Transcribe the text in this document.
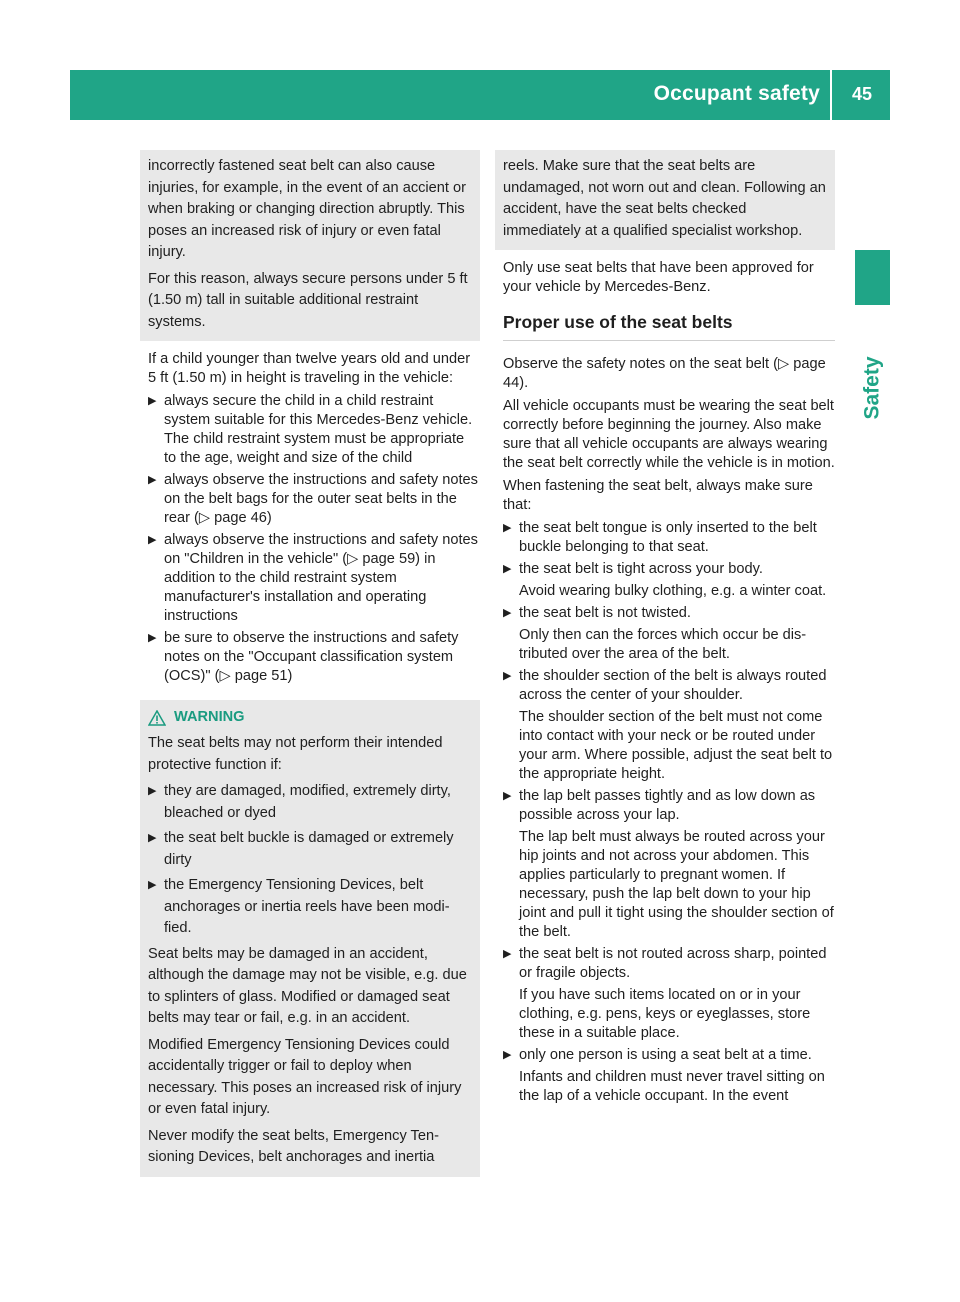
Occupant safety 45
Safety

incorrectly fastened seat belt can also cause injuries, for example, in the event of an accient or when braking or changing direction abruptly. This poses an increased risk of injury or even fatal injury.

For this reason, always secure persons under 5 ft (1.50 m) tall in suitable additional restraint systems.

If a child younger than twelve years old and under 5 ft (1.50 m) in height is traveling in the vehicle:

▶ always secure the child in a child restraint system suitable for this Mercedes-Benz vehicle. The child restraint system must be appropriate to the age, weight and size of the child
▶ always observe the instructions and safety notes on the belt bags for the outer seat belts in the rear (▷ page 46)
▶ always observe the instructions and safety notes on "Children in the vehicle" (▷ page 59) in addition to the child restraint system manufacturer's installation and operating instructions
▶ be sure to observe the instructions and safety notes on the "Occupant classification system (OCS)" (▷ page 51)
WARNING

The seat belts may not perform their intended protective function if:

▶ they are damaged, modified, extremely dirty, bleached or dyed
▶ the seat belt buckle is damaged or extremely dirty
▶ the Emergency Tensioning Devices, belt anchorages or inertia reels have been modified.

Seat belts may be damaged in an accident, although the damage may not be visible, e.g. due to splinters of glass. Modified or damaged seat belts may tear or fail, e.g. in an accident.

Modified Emergency Tensioning Devices could accidentally trigger or fail to deploy when necessary. This poses an increased risk of injury or even fatal injury.

Never modify the seat belts, Emergency Tensioning Devices, belt anchorages and inertia

reels. Make sure that the seat belts are undamaged, not worn out and clean. Following an accident, have the seat belts checked immediately at a qualified specialist workshop.

Only use seat belts that have been approved for your vehicle by Mercedes-Benz.

Proper use of the seat belts

Observe the safety notes on the seat belt (▷ page 44).

All vehicle occupants must be wearing the seat belt correctly before beginning the journey. Also make sure that all vehicle occupants are always wearing the seat belt correctly while the vehicle is in motion.

When fastening the seat belt, always make sure that:

▶ the seat belt tongue is only inserted to the belt buckle belonging to that seat.
▶ the seat belt is tight across your body.
Avoid wearing bulky clothing, e.g. a winter coat.
▶ the seat belt is not twisted.
Only then can the forces which occur be distributed over the area of the belt.
▶ the shoulder section of the belt is always routed across the center of your shoulder.
The shoulder section of the belt must not come into contact with your neck or be routed under your arm. Where possible, adjust the seat belt to the appropriate height.
▶ the lap belt passes tightly and as low down as possible across your lap.
The lap belt must always be routed across your hip joints and not across your abdomen. This applies particularly to pregnant women. If necessary, push the lap belt down to your hip joint and pull it tight using the shoulder section of the belt.
▶ the seat belt is not routed across sharp, pointed or fragile objects.
If you have such items located on or in your clothing, e.g. pens, keys or eyeglasses, store these in a suitable place.
▶ only one person is using a seat belt at a time.
Infants and children must never travel sitting on the lap of a vehicle occupant. In the event
